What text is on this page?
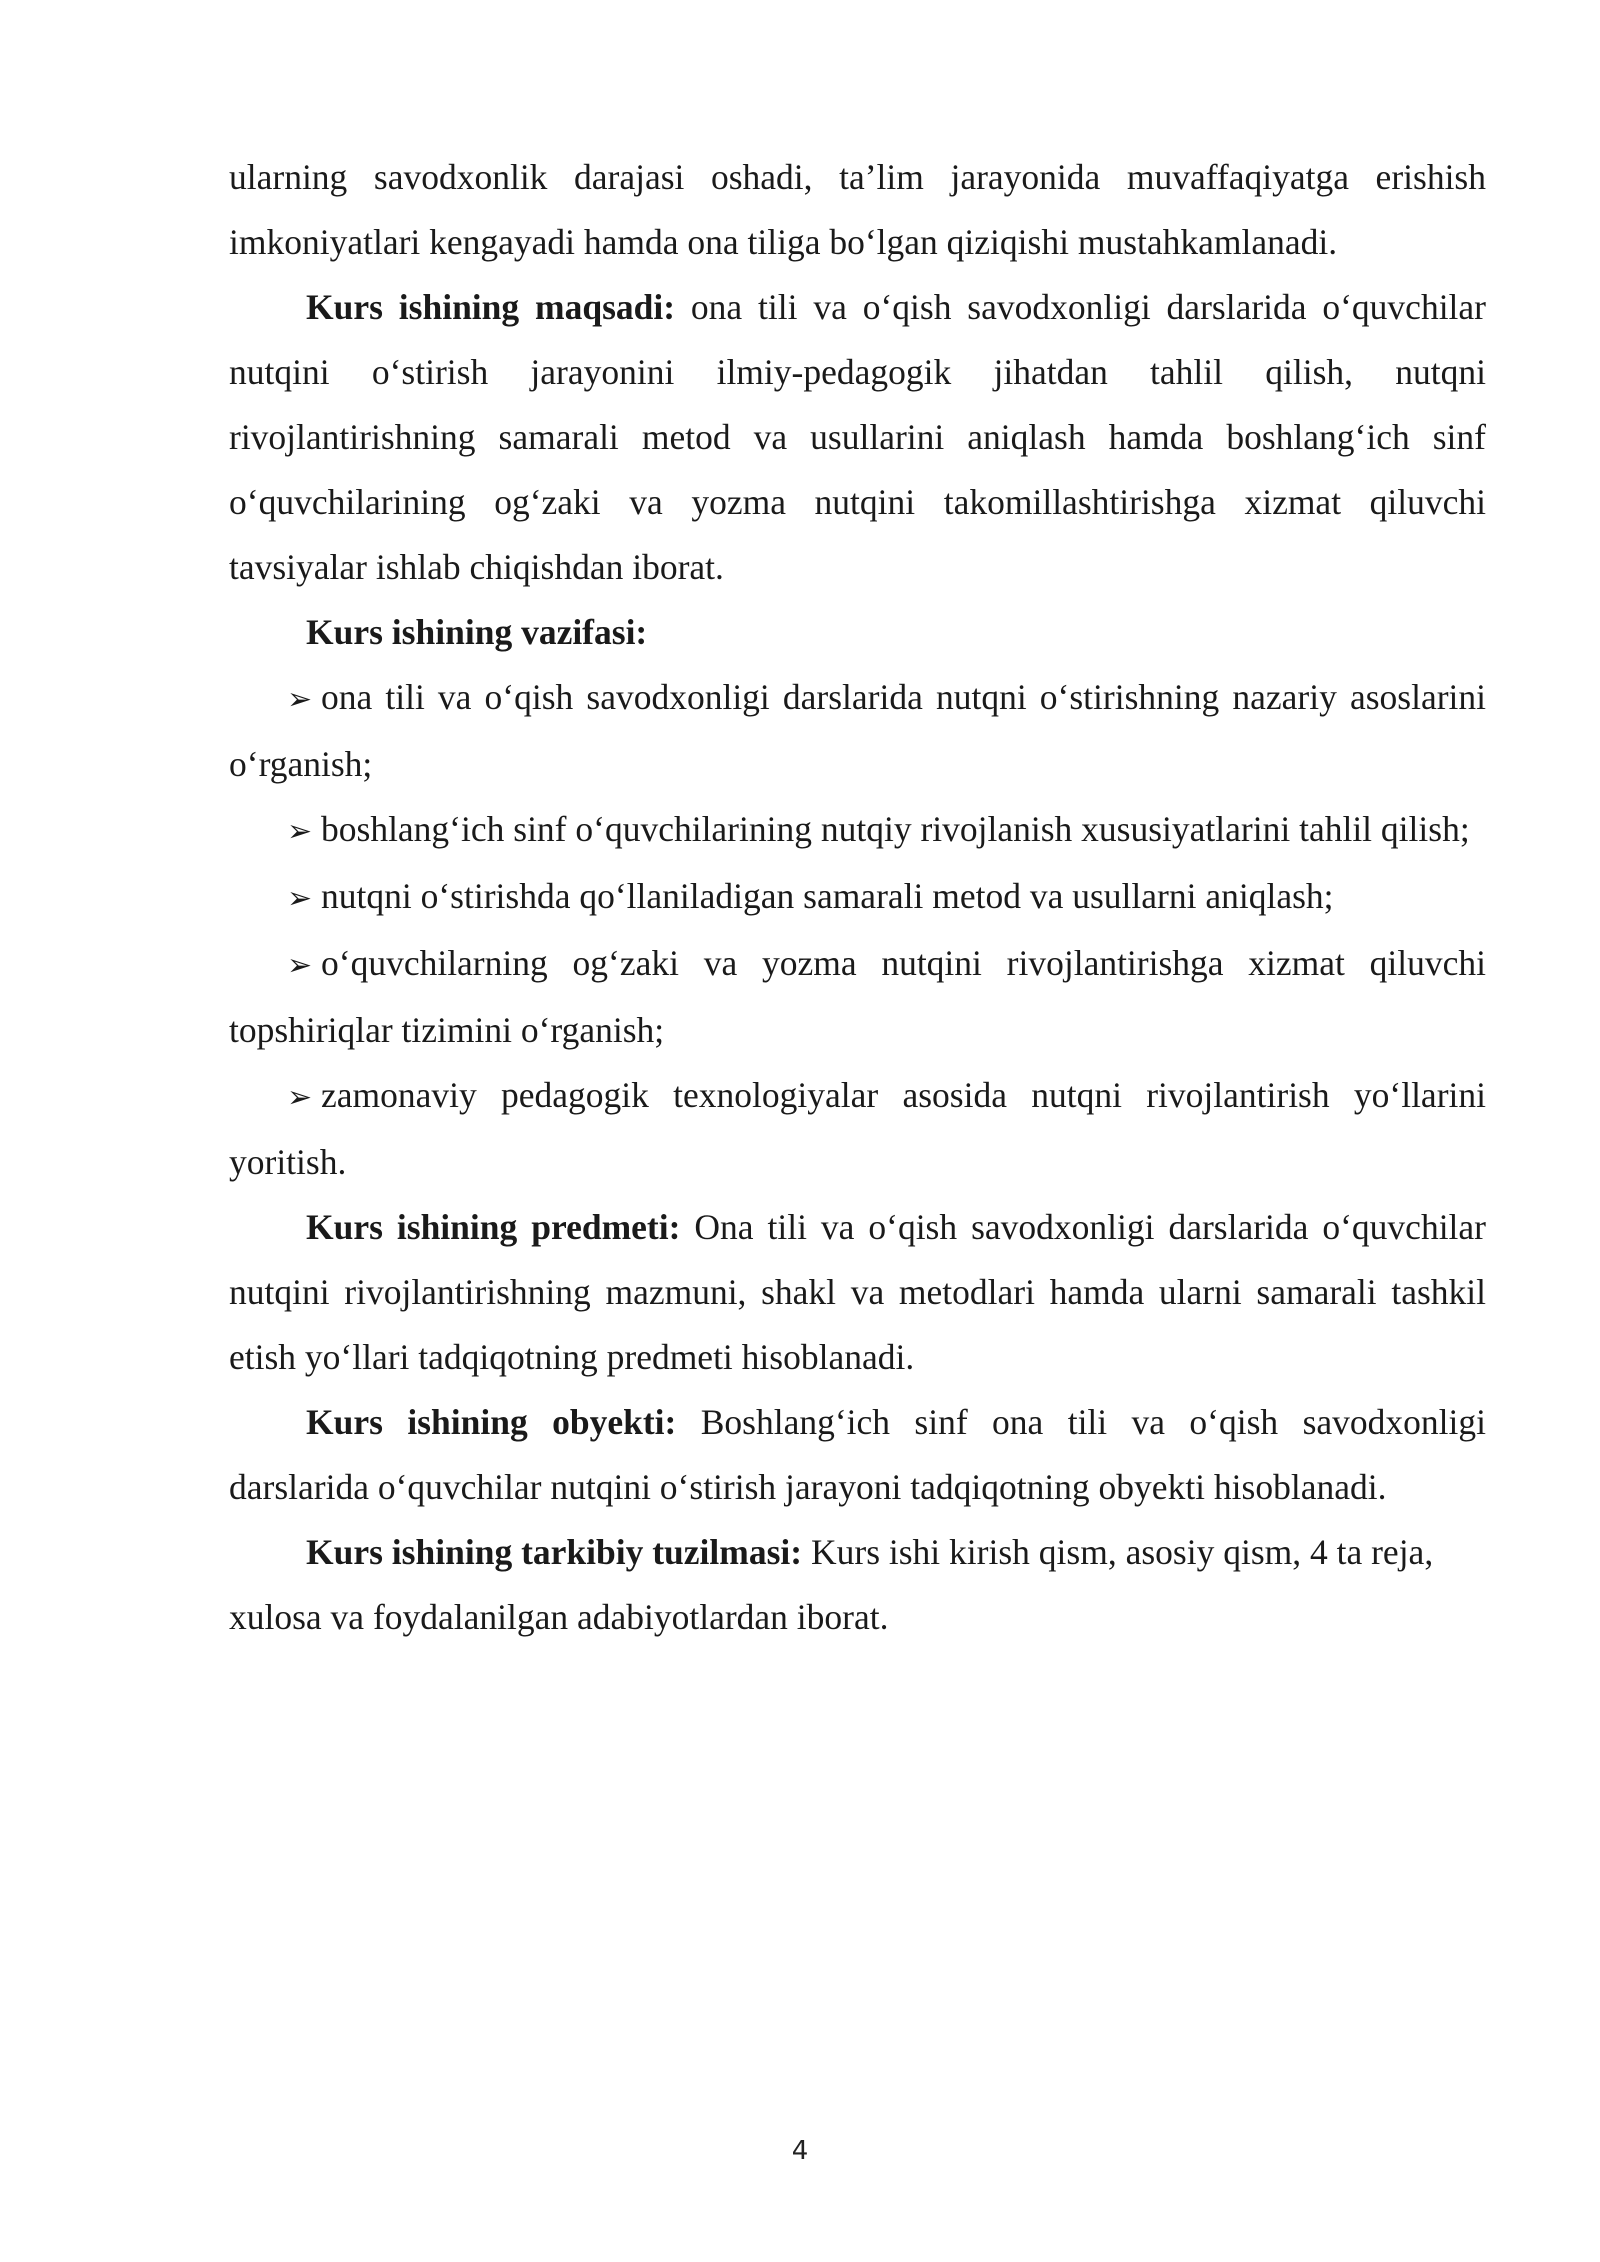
ularning savodxonlik darajasi oshadi, ta’lim jarayonida muvaffaqiyatga erishish imkoniyatlari kengayadi hamda ona tiliga bo‘lgan qiziqishi mustahkamlanadi.

Kurs ishining maqsadi: ona tili va o‘qish savodxonligi darslarida o‘quvchilar nutqini o‘stirish jarayonini ilmiy-pedagogik jihatdan tahlil qilish, nutqni rivojlantirishning samarali metod va usullarini aniqlash hamda boshlang‘ich sinf o‘quvchilarining og‘zaki va yozma nutqini takomillashtirishga xizmat qiluvchi tavsiyalar ishlab chiqishdan iborat.

Kurs ishining vazifasi:

➢ ona tili va o‘qish savodxonligi darslarida nutqni o‘stirishning nazariy asoslarini o‘rganish;

➢ boshlang‘ich sinf o‘quvchilarining nutqiy rivojlanish xususiyatlarini tahlil qilish;

➢ nutqni o‘stirishda qo‘llaniladigan samarali metod va usullarni aniqlash;

➢ o‘quvchilarning og‘zaki va yozma nutqini rivojlantirishga xizmat qiluvchi topshiriqlar tizimini o‘rganish;

➢ zamonaviy pedagogik texnologiyalar asosida nutqni rivojlantirish yo‘llarini yoritish.

Kurs ishining predmeti: Ona tili va o‘qish savodxonligi darslarida o‘quvchilar nutqini rivojlantirishning mazmuni, shakl va metodlari hamda ularni samarali tashkil etish yo‘llari tadqiqotning predmeti hisoblanadi.

Kurs ishining obyekti: Boshlang‘ich sinf ona tili va o‘qish savodxonligi darslarida o‘quvchilar nutqini o‘stirish jarayoni tadqiqotning obyekti hisoblanadi.

Kurs ishining tarkibiy tuzilmasi: Kurs ishi kirish qism, asosiy qism, 4 ta reja, xulosa va foydalanilgan adabiyotlardan iborat.

4
